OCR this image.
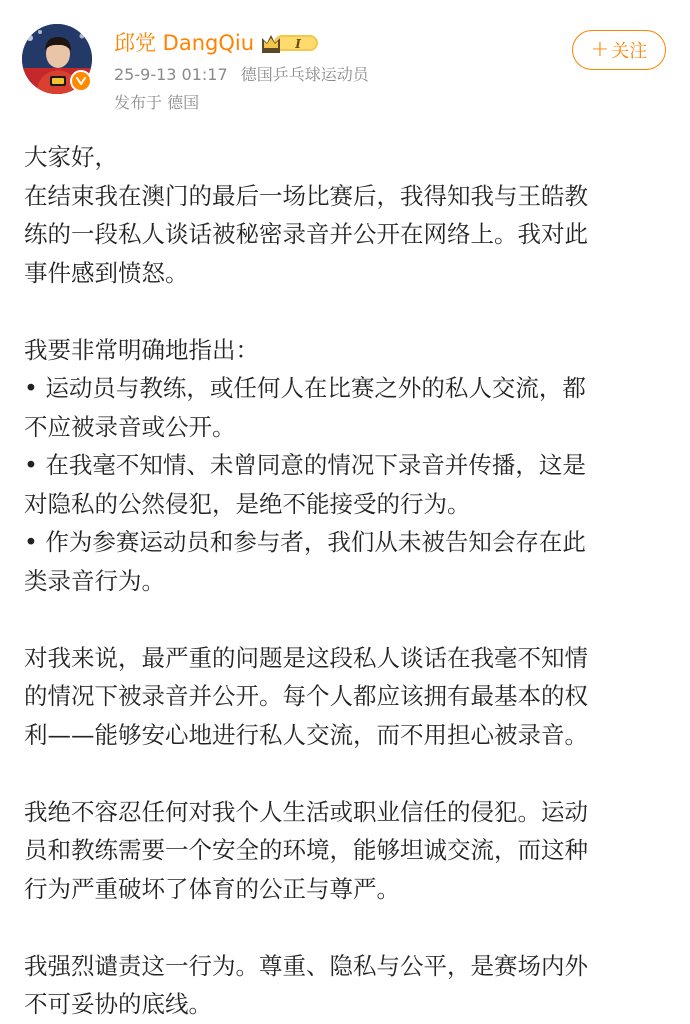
邱党 DangQiu	I
25-9-13 01:17 德国乒乓球运动员
发布于 德国
+ 关注

大家好，

在结束我在澳门的最后一场比赛后，我得知我与王皓教

练的一段私人谈话被秘密录音并公开在网络上。我对此

事件感到愤怒。

我要非常明确地指出：

• 运动员与教练，或任何人在比赛之外的私人交流，都

不应被录音或公开。

• 在我毫不知情、未曾同意的情况下录音并传播，这是

对隐私的公然侵犯，是绝不能接受的行为。

• 作为参赛运动员和参与者，我们从未被告知会存在此

类录音行为。

对我来说，最严重的问题是这段私人谈话在我毫不知情

的情况下被录音并公开。每个人都应该拥有最基本的权

利——能够安心地进行私人交流，而不用担心被录音。

我绝不容忍任何对我个人生活或职业信任的侵犯。运动

员和教练需要一个安全的环境，能够坦诚交流，而这种

行为严重破坏了体育的公正与尊严。

我强烈谴责这一行为。尊重、隐私与公平，是赛场内外

不可妥协的底线。
